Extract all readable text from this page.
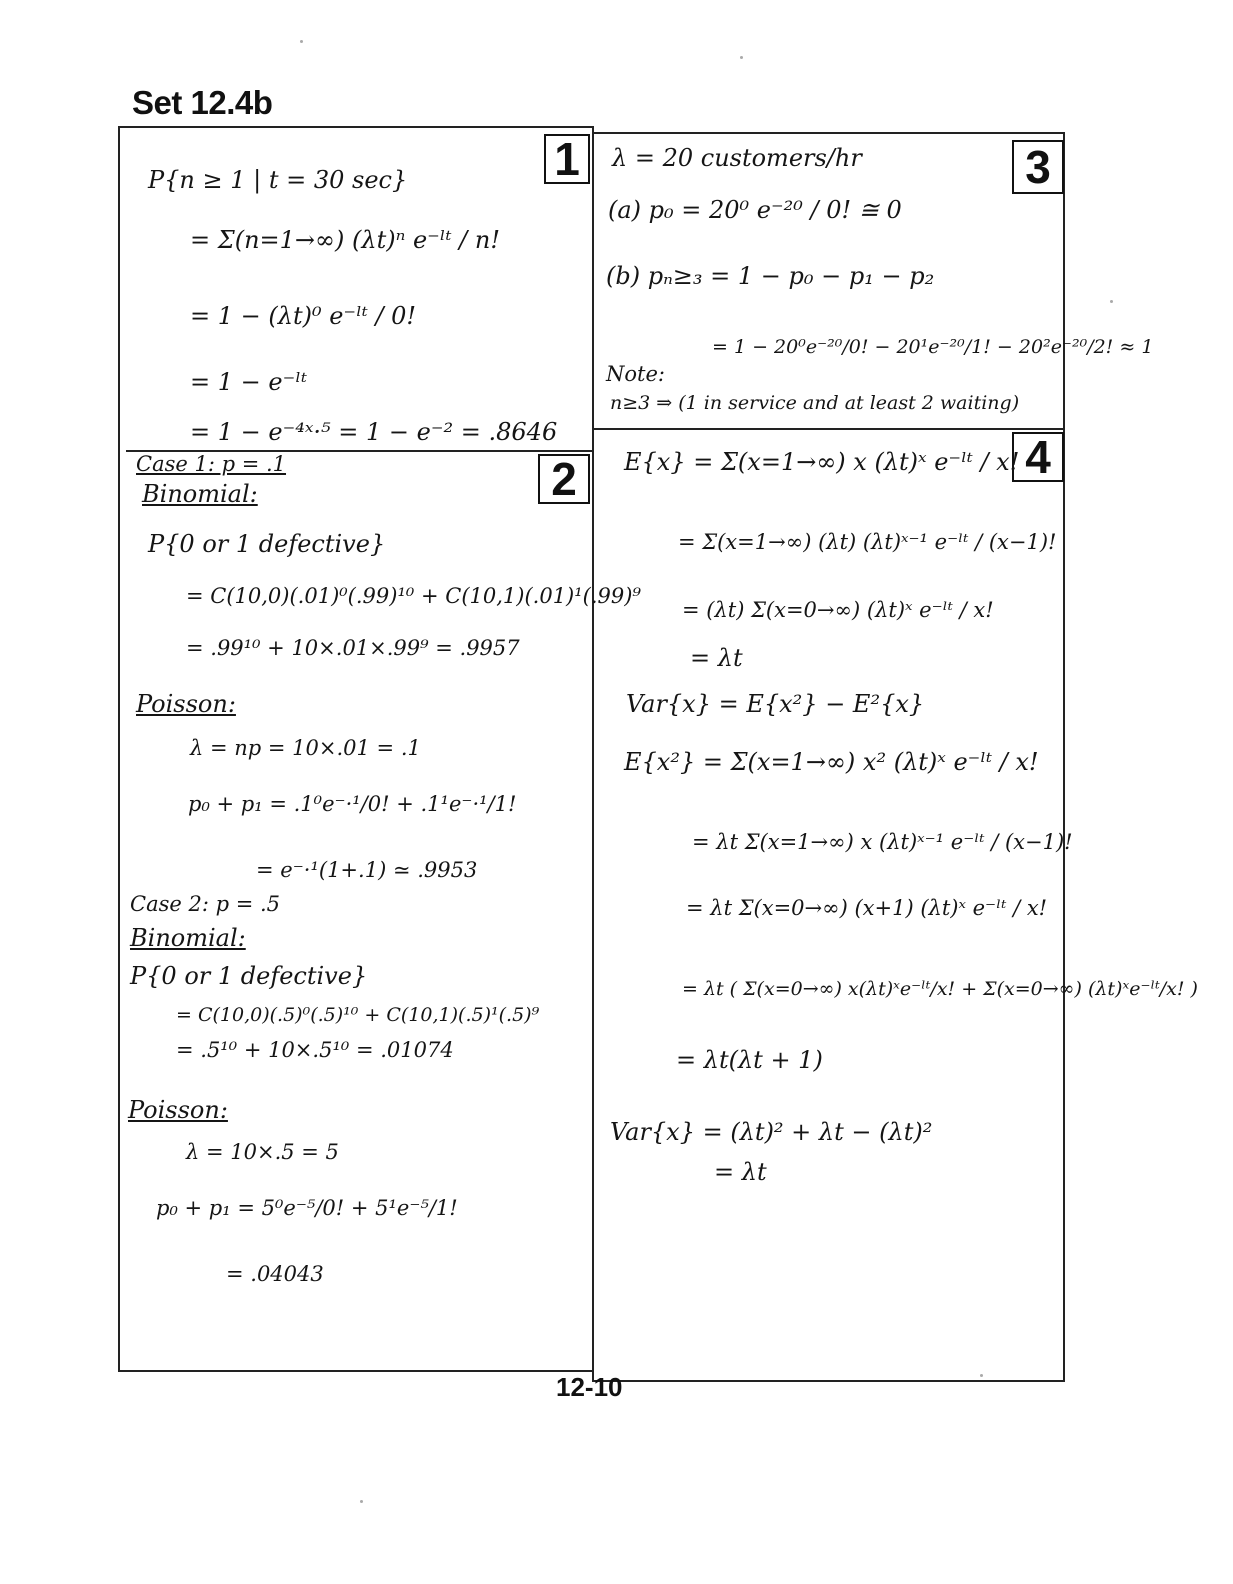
Set 12.4b
1
2
3
4
P{n ≥ 1 | t = 30 sec}
= Σ(n=1→∞) (λt)ⁿ e⁻ˡᵗ / n!
= 1 − (λt)⁰ e⁻ˡᵗ / 0!
= 1 − e⁻ˡᵗ
= 1 − e⁻⁴ˣ·⁵ = 1 − e⁻² = .8646
Case 1: p = .1
Binomial:
P{0 or 1 defective}
= C(10,0)(.01)⁰(.99)¹⁰ + C(10,1)(.01)¹(.99)⁹
= .99¹⁰ + 10×.01×.99⁹ = .9957
Poisson:
λ = np = 10×.01 = .1
p₀ + p₁ = .1⁰e⁻·¹/0! + .1¹e⁻·¹/1!
= e⁻·¹(1+.1) ≃ .9953
Case 2: p = .5
Binomial:
P{0 or 1 defective}
= C(10,0)(.5)⁰(.5)¹⁰ + C(10,1)(.5)¹(.5)⁹
= .5¹⁰ + 10×.5¹⁰ = .01074
Poisson:
λ = 10×.5 = 5
p₀ + p₁ = 5⁰e⁻⁵/0! + 5¹e⁻⁵/1!
= .04043
λ = 20 customers/hr
(a) p₀ = 20⁰ e⁻²⁰ / 0! ≅ 0
(b) pₙ≥₃ = 1 − p₀ − p₁ − p₂
= 1 − 20⁰e⁻²⁰/0! − 20¹e⁻²⁰/1! − 20²e⁻²⁰/2! ≈ 1
Note:
n≥3 ⇒ (1 in service and at least 2 waiting)
E{x} = Σ(x=1→∞) x (λt)ˣ e⁻ˡᵗ / x!
= Σ(x=1→∞) (λt) (λt)ˣ⁻¹ e⁻ˡᵗ / (x−1)!
= (λt) Σ(x=0→∞) (λt)ˣ e⁻ˡᵗ / x!
= λt
Var{x} = E{x²} − E²{x}
E{x²} = Σ(x=1→∞) x² (λt)ˣ e⁻ˡᵗ / x!
= λt Σ(x=1→∞) x (λt)ˣ⁻¹ e⁻ˡᵗ / (x−1)!
= λt Σ(x=0→∞) (x+1) (λt)ˣ e⁻ˡᵗ / x!
= λt ( Σ(x=0→∞) x(λt)ˣe⁻ˡᵗ/x! + Σ(x=0→∞) (λt)ˣe⁻ˡᵗ/x! )
= λt(λt + 1)
Var{x} = (λt)² + λt − (λt)²
= λt
12-10
